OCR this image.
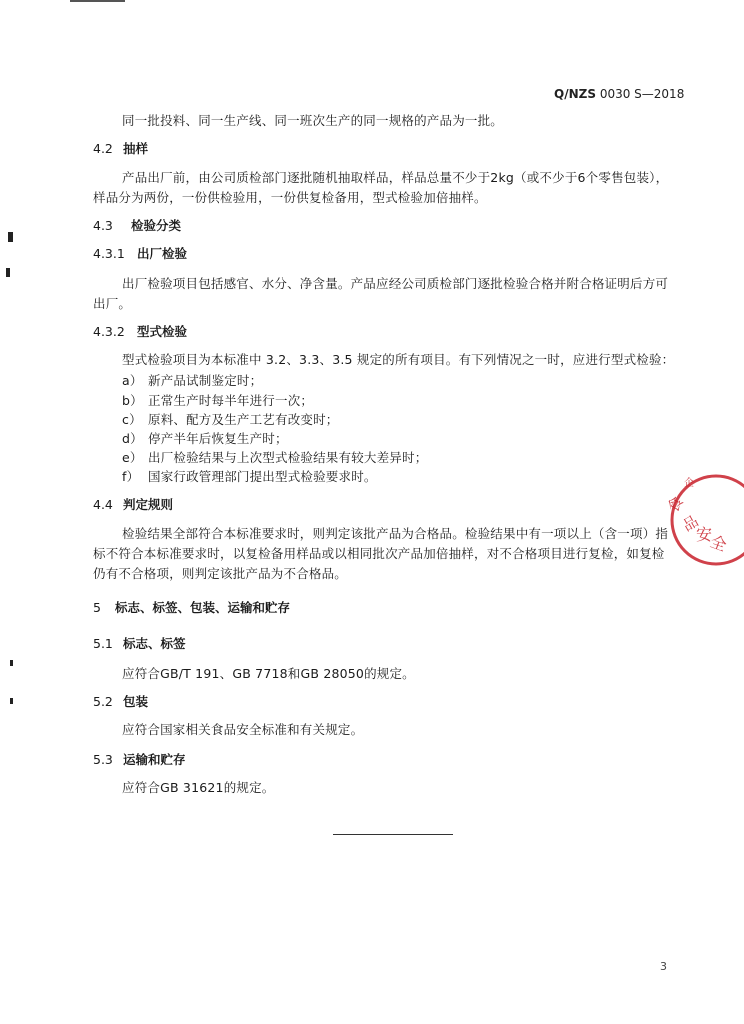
Q/NZS 0030 S—2018
同一批投料、同一生产线、同一班次生产的同一规格的产品为一批。
4.2 抽样
产品出厂前，由公司质检部门逐批随机抽取样品，样品总量不少于2kg（或不少于6个零售包装），
样品分为两份，一份供检验用，一份供复检备用，型式检验加倍抽样。
4.3 检验分类
4.3.1 出厂检验
出厂检验项目包括感官、水分、净含量。产品应经公司质检部门逐批检验合格并附合格证明后方可
出厂。
4.3.2 型式检验
型式检验项目为本标准中 3.2、3.3、3.5 规定的所有项目。有下列情况之一时，应进行型式检验：
a） 新产品试制鉴定时；
b） 正常生产时每半年进行一次；
c） 原料、配方及生产工艺有改变时；
d） 停产半年后恢复生产时；
e） 出厂检验结果与上次型式检验结果有较大差异时；
f） 国家行政管理部门提出型式检验要求时。
4.4 判定规则
检验结果全部符合本标准要求时，则判定该批产品为合格品。检验结果中有一项以上（含一项）指
标不符合本标准要求时，以复检备用样品或以相同批次产品加倍抽样，对不合格项目进行复检，如复检
仍有不合格项，则判定该批产品为不合格品。
5 标志、标签、包装、运输和贮存
5.1 标志、标签
应符合GB/T 191、GB 7718和GB 28050的规定。
5.2 包装
应符合国家相关食品安全标准和有关规定。
5.3 运输和贮存
应符合GB 31621的规定。
食
品
安
全
企
3
